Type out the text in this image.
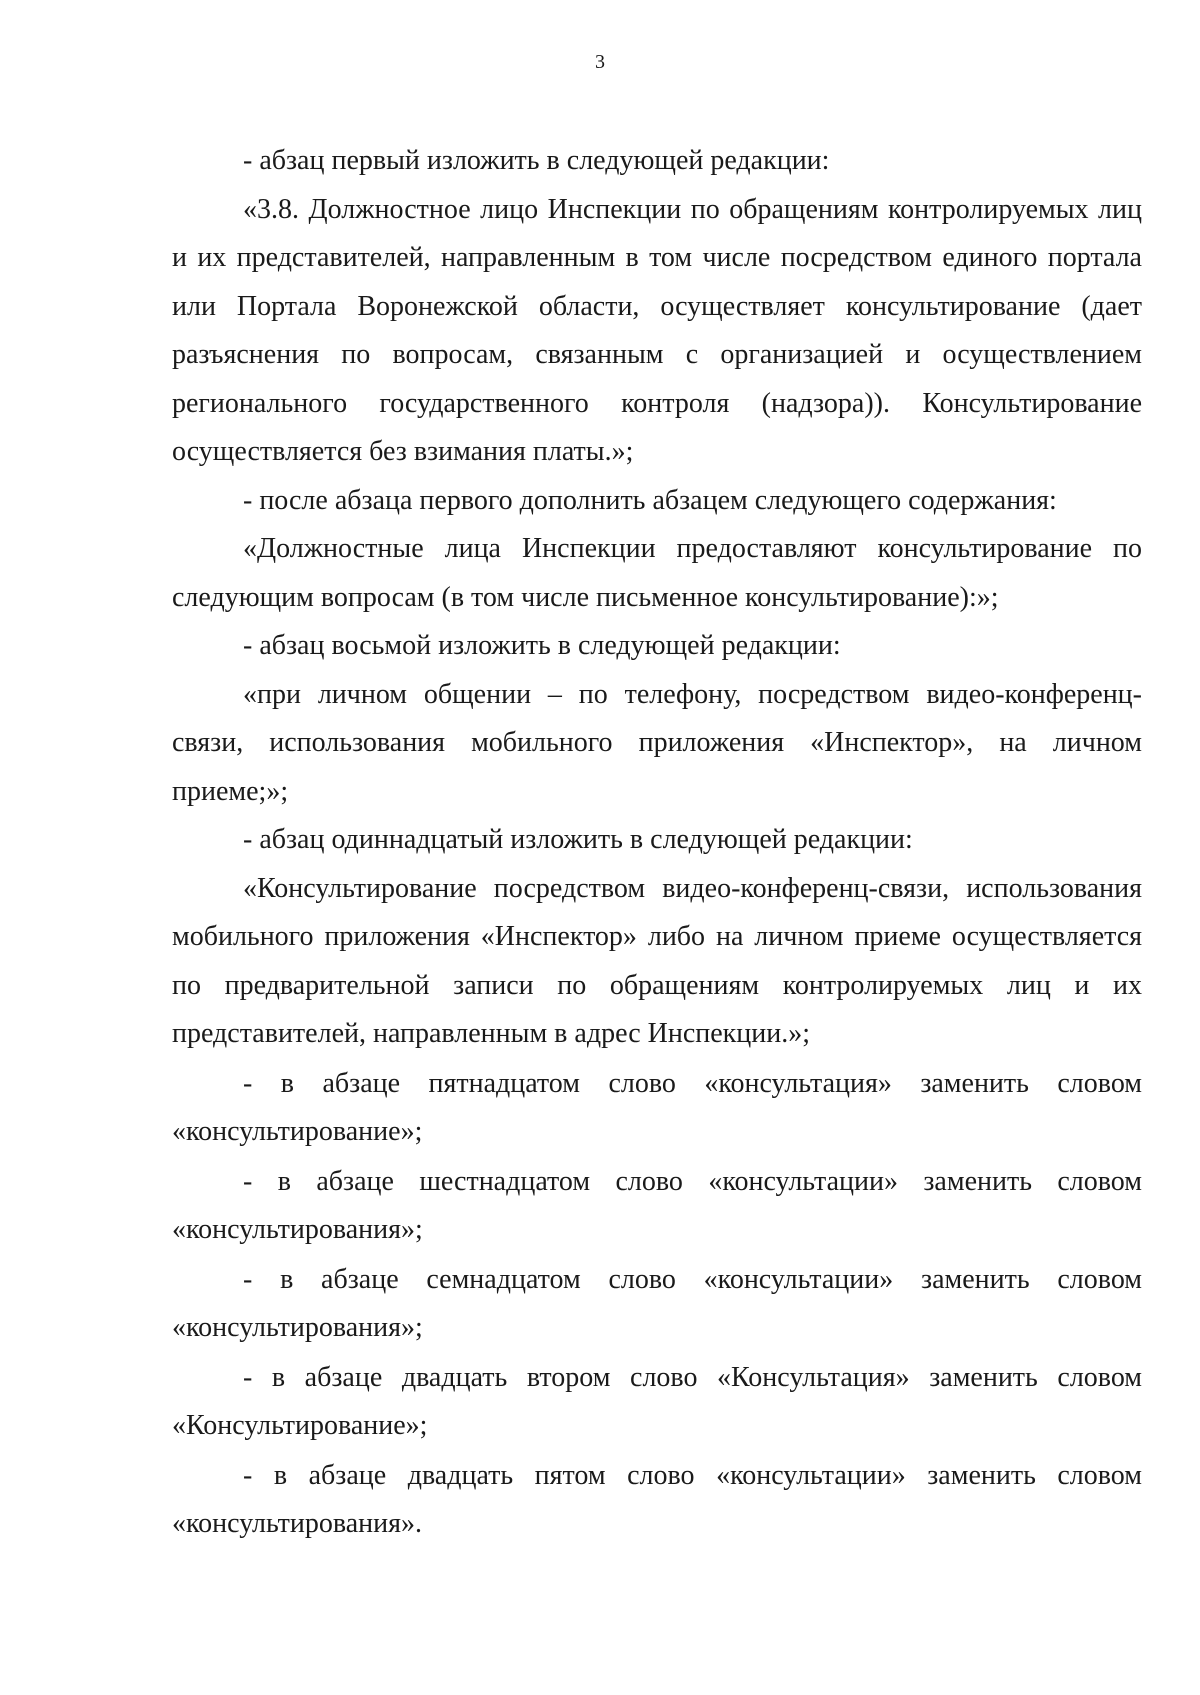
3

- абзац первый изложить в следующей редакции:

«3.8. Должностное лицо Инспекции по обращениям контролируемых лиц и их представителей, направленным в том числе посредством единого портала или Портала Воронежской области, осуществляет консультирование (дает разъяснения по вопросам, связанным с организацией и осуществлением регионального государственного контроля (надзора)). Консультирование осуществляется без взимания платы.»;

- после абзаца первого дополнить абзацем следующего содержания:

«Должностные лица Инспекции предоставляют консультирование по следующим вопросам (в том числе письменное консультирование):»;

- абзац восьмой изложить в следующей редакции:

«при личном общении – по телефону, посредством видео-конференц-связи, использования мобильного приложения «Инспектор», на личном приеме;»;

- абзац одиннадцатый изложить в следующей редакции:

«Консультирование посредством видео-конференц-связи, использования мобильного приложения «Инспектор» либо на личном приеме осуществляется по предварительной записи по обращениям контролируемых лиц и их представителей, направленным в адрес Инспекции.»;

- в абзаце пятнадцатом слово «консультация» заменить словом «консультирование»;

- в абзаце шестнадцатом слово «консультации» заменить словом «консультирования»;

- в абзаце семнадцатом слово «консультации» заменить словом «консультирования»;

- в абзаце двадцать втором слово «Консультация» заменить словом «Консультирование»;

- в абзаце двадцать пятом слово «консультации» заменить словом «консультирования».
